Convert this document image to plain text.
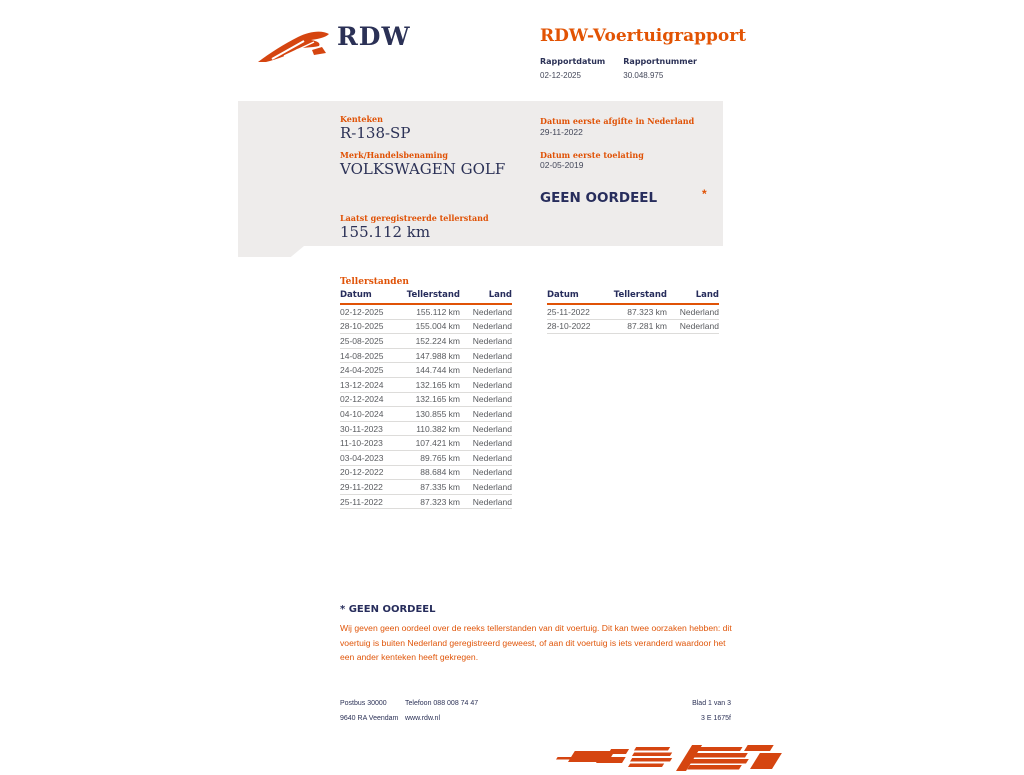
RDW	RDW-Voertuigrapport
Rapportdatum
02-12-2025
Rapportnummer
30.048.975
Kenteken
R-138-SP
Merk/Handelsbenaming
VOLKSWAGEN GOLF
Laatst geregistreerde tellerstand
155.112 km
Datum eerste afgifte in Nederland
29-11-2022
Datum eerste toelating
02-05-2019
GEEN OORDEEL	*
Tellerstanden
Datum	Tellerstand	Land
02-12-2025	155.112 km	Nederland
28-10-2025	155.004 km	Nederland
25-08-2025	152.224 km	Nederland
14-08-2025	147.988 km	Nederland
24-04-2025	144.744 km	Nederland
13-12-2024	132.165 km	Nederland
02-12-2024	132.165 km	Nederland
04-10-2024	130.855 km	Nederland
30-11-2023	110.382 km	Nederland
11-10-2023	107.421 km	Nederland
03-04-2023	89.765 km	Nederland
20-12-2022	88.684 km	Nederland
29-11-2022	87.335 km	Nederland
25-11-2022	87.323 km	Nederland
Datum	Tellerstand	Land
25-11-2022	87.323 km	Nederland
28-10-2022	87.281 km	Nederland
* GEEN OORDEEL
Wij geven geen oordeel over de reeks tellerstanden van dit voertuig. Dit kan twee oorzaken hebben: dit voertuig is buiten Nederland geregistreerd geweest, of aan dit voertuig is iets veranderd waardoor het een ander kenteken heeft gekregen.
Postbus 30000	Telefoon 088 008 74 47	Blad 1 van 3
9640 RA Veendam www.rdw.nl	3 E 1675f
